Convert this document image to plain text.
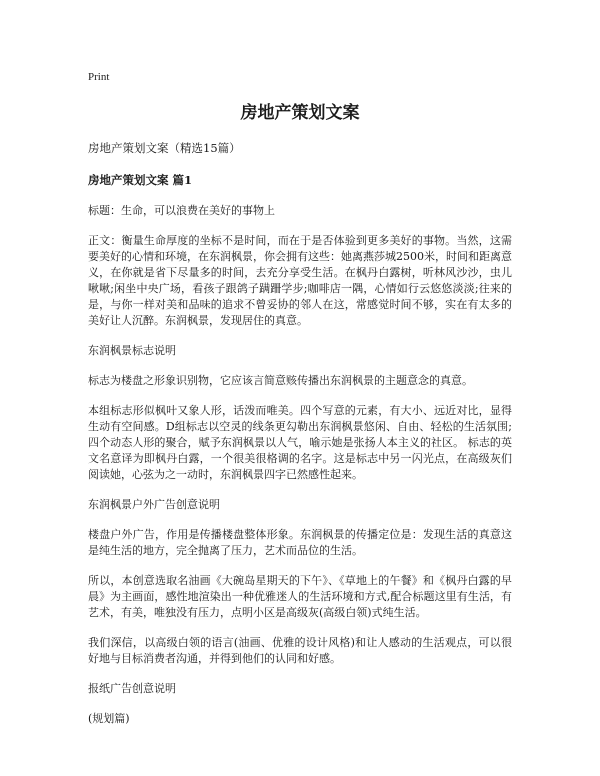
Print
房地产策划文案
房地产策划文案（精选15篇）
房地产策划文案 篇1
标题：生命，可以浪费在美好的事物上
正文：衡量生命厚度的坐标不是时间，而在于是否体验到更多美好的事物。当然，这需要美好的心情和环境，在东润枫景，你会拥有这些：她离燕莎城2500米，时间和距离意义，在你就是省下尽量多的时间，去充分享受生活。在枫丹白露树，听林风沙沙，虫儿啾啾;闲坐中央广场，看孩子跟鸽子蹒跚学步;咖啡店一隅，心情如行云悠悠淡淡;往来的是，与你一样对美和品味的追求不曾妥协的邻人在这，常感觉时间不够，实在有太多的美好让人沉醉。东润枫景，发现居住的真意。
东润枫景标志说明
标志为楼盘之形象识别物，它应该言简意赅传播出东润枫景的主题意念的真意。
本组标志形似枫叶又象人形，话泼而唯美。四个写意的元素，有大小、远近对比，显得生动有空间感。D组标志以空灵的线条更勾勒出东润枫景悠闲、自由、轻松的生活氛围;四个动态人形的聚合，赋予东润枫景以人气，喻示她是张扬人本主义的社区。 标志的英文名意译为即枫丹白露，一个很美很格调的名字。这是标志中另一闪光点，在高级灰们阅读她，心弦为之一动时，东润枫景四字已然感性起来。
东润枫景户外广告创意说明
楼盘户外广告，作用是传播楼盘整体形象。东润枫景的传播定位是：发现生活的真意这是纯生活的地方，完全抛离了压力，艺术而品位的生活。
所以，本创意选取名油画《大碗岛星期天的下午》、《草地上的午餐》和《枫丹白露的早晨》为主画面，感性地渲染出一种优雅迷人的生活环境和方式,配合标题这里有生活，有艺术，有美，唯独没有压力，点明小区是高级灰(高级白领)式纯生活。
我们深信，以高级白领的语言(油画、优雅的设计风格)和让人感动的生活观点，可以很好地与目标消费者沟通，并得到他们的认同和好感。
报纸广告创意说明
(规划篇)
